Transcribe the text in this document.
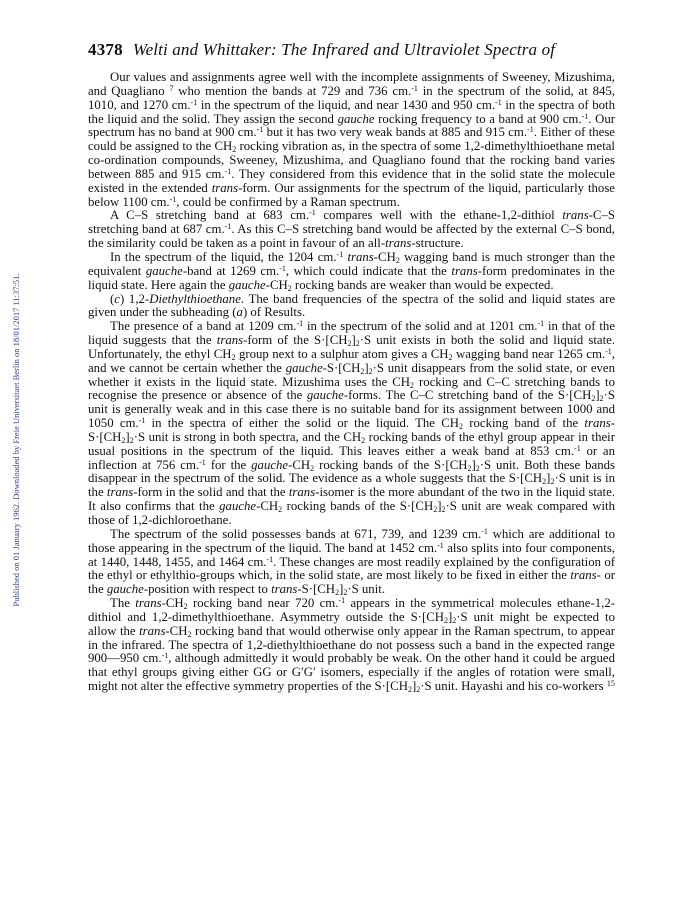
Published on 01 January 1962. Downloaded by Freie Universitaet Berlin on 18/01/2017 11:37:51.
4378 Welti and Whittaker: The Infrared and Ultraviolet Spectra of

Our values and assignments agree well with the incomplete assignments of Sweeney, Mizushima, and Quagliano $^7$ who mention the bands at 729 and 736 cm.$^{-1}$ in the spectrum of the solid, at 845, 1010, and 1270 cm.$^{-1}$ in the spectrum of the liquid, and near 1430 and 950 cm.$^{-1}$ in the spectra of both the liquid and the solid. They assign the second gauche rocking frequency to a band at 900 cm.$^{-1}$. Our spectrum has no band at 900 cm.$^{-1}$ but it has two very weak bands at 885 and 915 cm.$^{-1}$. Either of these could be assigned to the $CH_2$ rocking vibration as, in the spectra of some 1,2-dimethylthioethane metal co-ordination compounds, Sweeney, Mizushima, and Quagliano found that the rocking band varies between 885 and 915 cm.$^{-1}$. They considered from this evidence that in the solid state the molecule existed in the extended trans-form. Our assignments for the spectrum of the liquid, particularly those below 1100 cm.$^{-1}$, could be confirmed by a Raman spectrum.

A C–S stretching band at 683 cm.$^{-1}$ compares well with the ethane-1,2-dithiol trans-C–S stretching band at 687 cm.$^{-1}$. As this C–S stretching band would be affected by the external C–S bond, the similarity could be taken as a point in favour of an all-trans-structure.

In the spectrum of the liquid, the 1204 cm.$^{-1}$ trans-$CH_2$ wagging band is much stronger than the equivalent gauche-band at 1269 cm.$^{-1}$, which could indicate that the trans-form predominates in the liquid state. Here again the gauche-$CH_2$ rocking bands are weaker than would be expected.

(c) 1,2-Diethylthioethane. The band frequencies of the spectra of the solid and liquid states are given under the subheading (a) of Results.

The presence of a band at 1209 cm.$^{-1}$ in the spectrum of the solid and at 1201 cm.$^{-1}$ in that of the liquid suggests that the trans-form of the $S\cdot[CH_2]_2\cdot S$ unit exists in both the solid and liquid state. Unfortunately, the ethyl $CH_2$ group next to a sulphur atom gives a $CH_2$ wagging band near 1265 cm.$^{-1}$, and we cannot be certain whether the gauche-$S\cdot[CH_2]_2\cdot S$ unit disappears from the solid state, or even whether it exists in the liquid state. Mizushima uses the $CH_2$ rocking and C–C stretching bands to recognise the presence or absence of the gauche-forms. The C–C stretching band of the $S\cdot[CH_2]_2\cdot S$ unit is generally weak and in this case there is no suitable band for its assignment between 1000 and 1050 cm.$^{-1}$ in the spectra of either the solid or the liquid. The $CH_2$ rocking band of the trans-$S\cdot[CH_2]_2\cdot S$ unit is strong in both spectra, and the $CH_2$ rocking bands of the ethyl group appear in their usual positions in the spectrum of the liquid. This leaves either a weak band at 853 cm.$^{-1}$ or an inflection at 756 cm.$^{-1}$ for the gauche-$CH_2$ rocking bands of the $S\cdot[CH_2]_2\cdot S$ unit. Both these bands disappear in the spectrum of the solid. The evidence as a whole suggests that the $S\cdot[CH_2]_2\cdot S$ unit is in the trans-form in the solid and that the trans-isomer is the more abundant of the two in the liquid state. It also confirms that the gauche-$CH_2$ rocking bands of the $S\cdot[CH_2]_2\cdot S$ unit are weak compared with those of 1,2-dichloroethane.

The spectrum of the solid possesses bands at 671, 739, and 1239 cm.$^{-1}$ which are additional to those appearing in the spectrum of the liquid. The band at 1452 cm.$^{-1}$ also splits into four components, at 1440, 1448, 1455, and 1464 cm.$^{-1}$. These changes are most readily explained by the configuration of the ethyl or ethylthio-groups which, in the solid state, are most likely to be fixed in either the trans- or the gauche-position with respect to trans-$S\cdot[CH_2]_2\cdot S$ unit.

The trans-$CH_2$ rocking band near 720 cm.$^{-1}$ appears in the symmetrical molecules ethane-1,2-dithiol and 1,2-dimethylthioethane. Asymmetry outside the $S\cdot[CH_2]_2\cdot S$ unit might be expected to allow the trans-$CH_2$ rocking band that would otherwise only appear in the Raman spectrum, to appear in the infrared. The spectra of 1,2-diethylthioethane do not possess such a band in the expected range 900—950 cm.$^{-1}$, although admittedly it would probably be weak. On the other hand it could be argued that ethyl groups giving either GG or G′G′ isomers, especially if the angles of rotation were small, might not alter the effective symmetry properties of the $S\cdot[CH_2]_2\cdot S$ unit. Hayashi and his co-workers $^{15}$
